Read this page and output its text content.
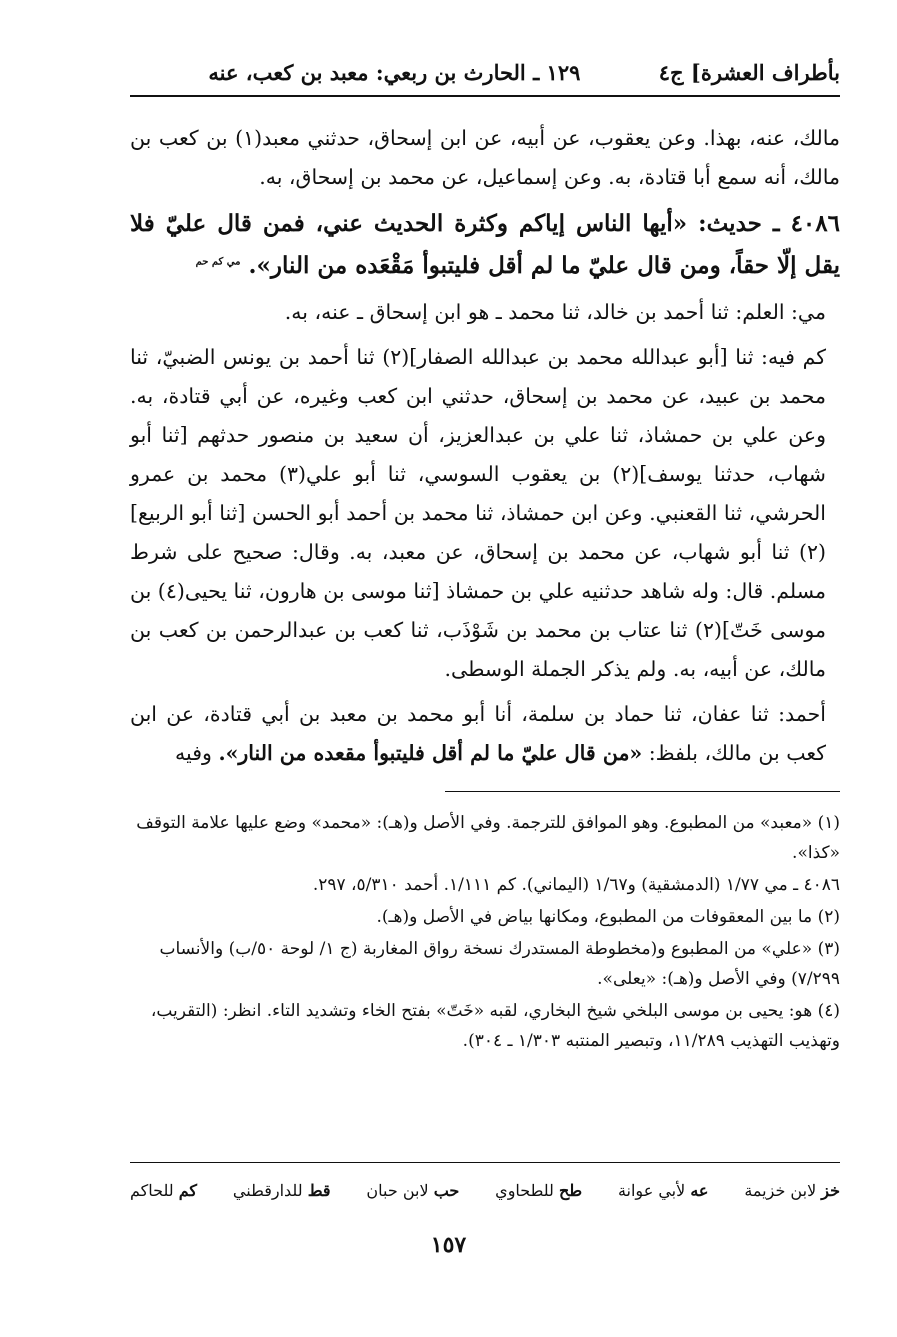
بأطراف العشرة] ج٤
١٢٩ ـ الحارث بن ربعي: معبد بن كعب، عنه

مالك، عنه، بهذا. وعن يعقوب، عن أبيه، عن ابن إسحاق، حدثني معبد(١) بن كعب بن مالك، أنه سمع أبا قتادة، به. وعن إسماعيل، عن محمد بن إسحاق، به.

٤٠٨٦ ـ حديث: «أيها الناس إياكم وكثرة الحديث عني، فمن قال عليّ فلا يقل إلّا حقاً، ومن قال عليّ ما لم أقل فليتبوأ مَقْعَده من النار». $^{مي كم حم}$

مي: العلم: ثنا أحمد بن خالد، ثنا محمد ـ هو ابن إسحاق ـ عنه، به.

كم فيه: ثنا [أبو عبدالله محمد بن عبدالله الصفار](٢) ثنا أحمد بن يونس الضبيّ، ثنا محمد بن عبيد، عن محمد بن إسحاق، حدثني ابن كعب وغيره، عن أبي قتادة، به. وعن علي بن حمشاذ، ثنا علي بن عبدالعزيز، أن سعيد بن منصور حدثهم [ثنا أبو شهاب، حدثنا يوسف](٢) بن يعقوب السوسي، ثنا أبو علي(٣) محمد بن عمرو الحرشي، ثنا القعنبي. وعن ابن حمشاذ، ثنا محمد بن أحمد أبو الحسن [ثنا أبو الربيع](٢) ثنا أبو شهاب، عن محمد بن إسحاق، عن معبد، به. وقال: صحيح على شرط مسلم. قال: وله شاهد حدثنيه علي بن حمشاذ [ثنا موسى بن هارون، ثنا يحيى(٤) بن موسى خَتّ](٢) ثنا عتاب بن محمد بن شَوْذَب، ثنا كعب بن عبدالرحمن بن كعب بن مالك، عن أبيه، به. ولم يذكر الجملة الوسطى.

أحمد: ثنا عفان، ثنا حماد بن سلمة، أنا أبو محمد بن معبد بن أبي قتادة، عن ابن كعب بن مالك، بلفظ: «من قال عليّ ما لم أقل فليتبوأ مقعده من النار». وفيه

(١) «معبد» من المطبوع. وهو الموافق للترجمة. وفي الأصل و(هـ): «محمد» وضع عليها علامة التوقف «كذا».

٤٠٨٦ ـ مي ١/٧٧ (الدمشقية) و١/٦٧ (اليماني). كم ١/١١١. أحمد ٥/٣١٠، ٢٩٧.

(٢) ما بين المعقوفات من المطبوع، ومكانها بياض في الأصل و(هـ).

(٣) «علي» من المطبوع و(مخطوطة المستدرك نسخة رواق المغاربة (ج ١/ لوحة ٥٠/ب) والأنساب ٧/٢٩٩) وفي الأصل و(هـ): «يعلى».

(٤) هو: يحيى بن موسى البلخي شيخ البخاري، لقبه «خَتّ» بفتح الخاء وتشديد التاء. انظر: (التقريب، وتهذيب التهذيب ١١/٢٨٩، وتبصير المنتبه ١/٣٠٣ ـ ٣٠٤).

خز لابن خزيمة
عه لأبي عوانة
طح للطحاوي
حب لابن حبان
قط للدارقطني
كم للحاكم
١٥٧
